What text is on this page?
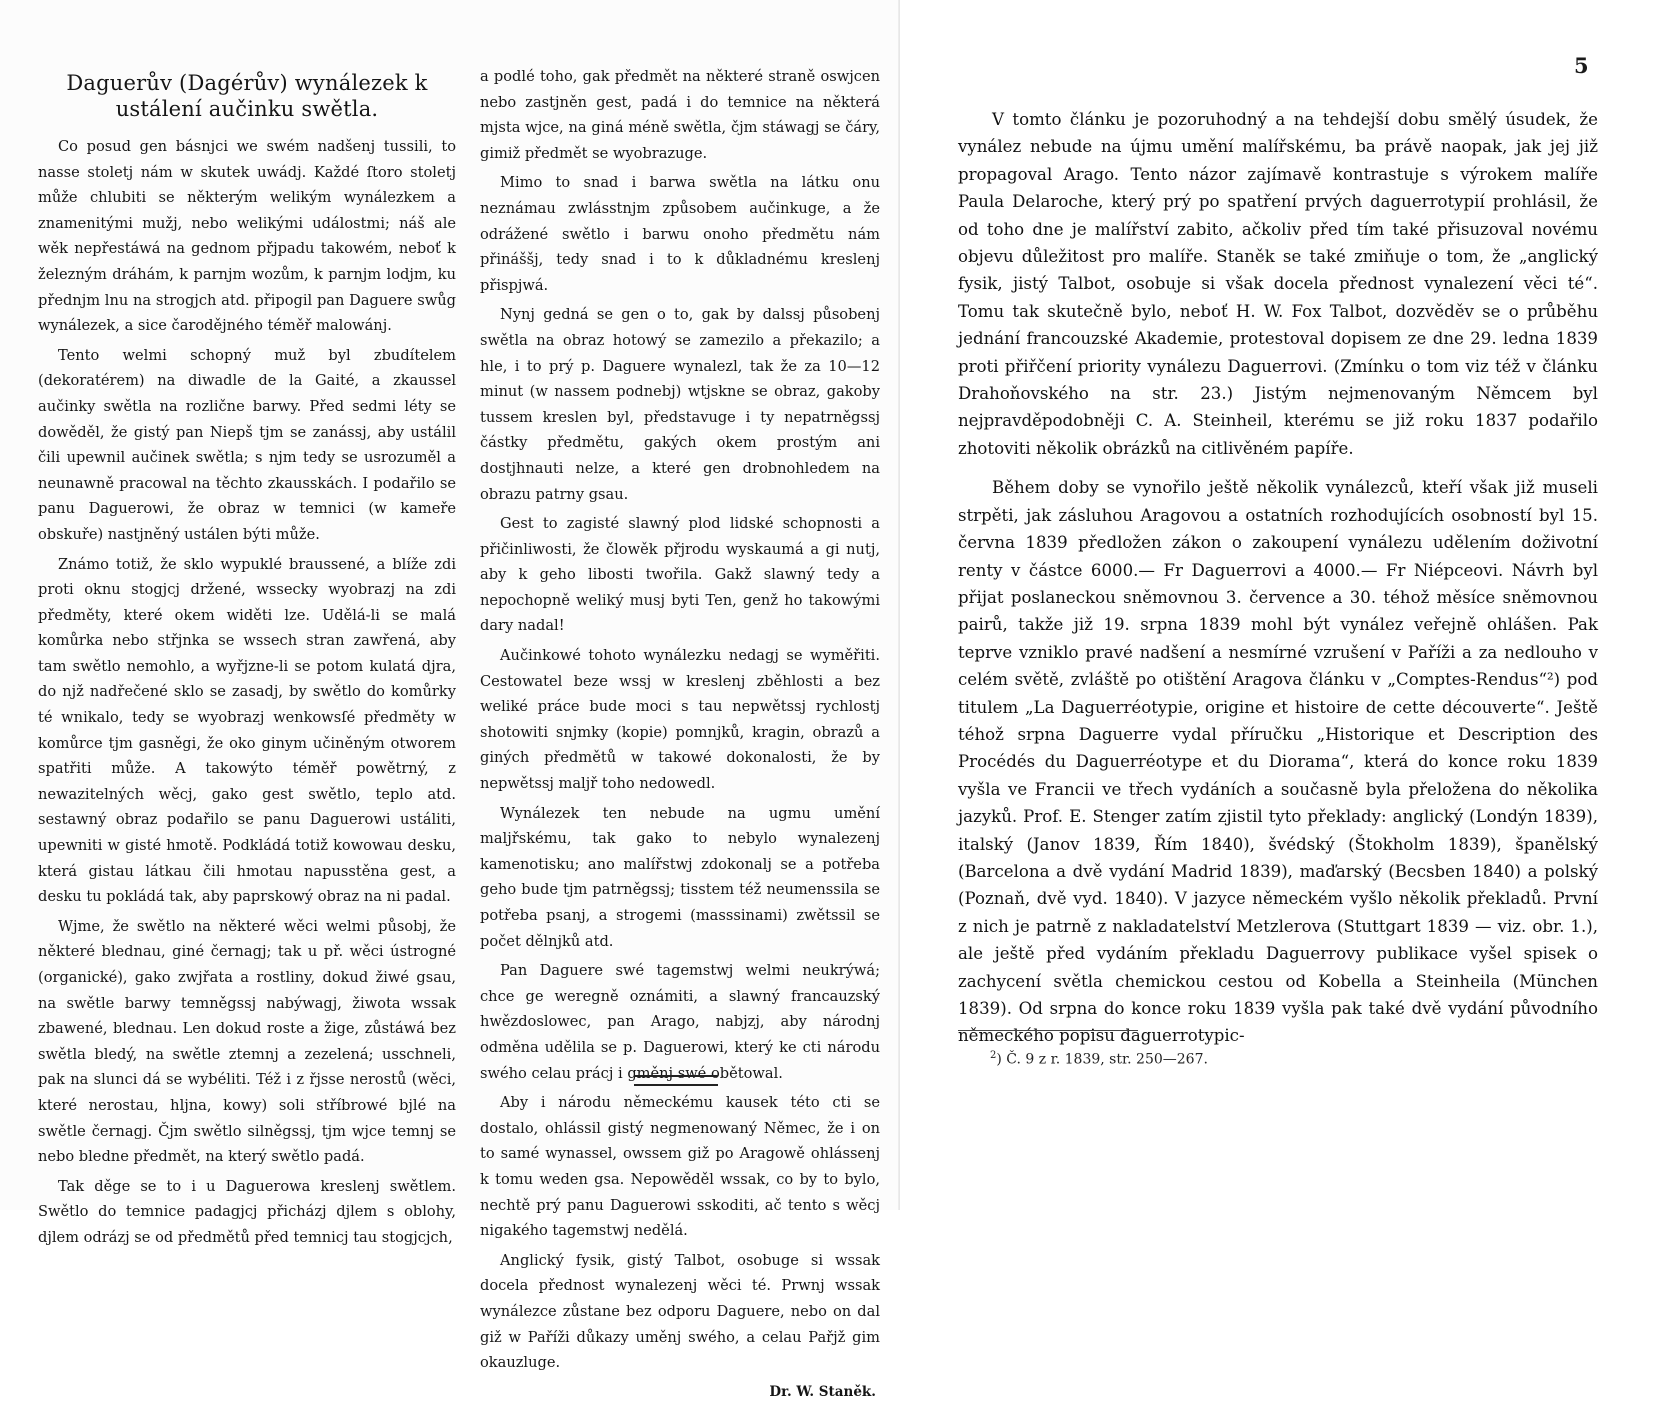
Daguerův (Dagérův) wynálezek k ustálení aučinku swětla.

Co posud gen básnjci we swém nadšenj tussili, to nasse stoletj nám w skutek uwádj. Každé ſtoro stoletj může chlubiti se některým welikým wynálezkem a znamenitými mužj, nebo welikými událostmi; náš ale wěk nepřestáwá na gednom přjpadu takowém, neboť k železným dráhám, k parnjm wozům, k parnjm lodjm, ku přednjm lnu na strogjch atd. připogil pan Daguere swůg wynálezek, a sice čarodějného téměř malowánj.

Tento welmi schopný muž byl zbudítelem (dekoratérem) na diwadle de la Gaité, a zkaussel aučinky swětla na rozlične barwy. Před sedmi léty se dowěděl, že gistý pan Niepš tjm se zanássj, aby ustálil čili upewnil aučinek swětla; s njm tedy se usrozuměl a neunawně pracowal na těchto zkausskách. I podařilo se panu Daguerowi, že obraz w temnici (w kameře obskuře) nastjněný ustálen býti může.

Známo totiž, že sklo wypuklé braussené, a blíže zdi proti oknu stogjcj držené, wssecky wyobrazj na zdi předměty, které okem widěti lze. Udělá-li se malá komůrka nebo střjnka se wssech stran zawřená, aby tam swětlo nemohlo, a wyřjzne-li se potom kulatá djra, do njž nadřečené sklo se zasadj, by swětlo do komůrky té wnikalo, tedy se wyobrazj wenkowsſé předměty w komůrce tjm gasněgi, že oko ginym učiněným otworem spatřiti může. A takowýto téměř powětrný, z newazitelných wěcj, gako gest swětlo, teplo atd. sestawný obraz podařilo se panu Daguerowi ustáliti, upewniti w gisté hmotě. Podkládá totiž kowowau desku, která gistau látkau čili hmotau napusstěna gest, a desku tu pokládá tak, aby paprskowý obraz na ni padal.

Wjme, že swětlo na některé wěci welmi působj, že některé blednau, giné černagj; tak u př. wěci ústrogné (organické), gako zwjřata a rostliny, dokud žiwé gsau, na swětle barwy temněgssj nabýwagj, žiwota wssak zbawené, blednau. Len dokud roste a žige, zůstáwá bez swětla bledý, na swětle ztemnj a zezelená; usschneli, pak na slunci dá se wybéliti. Též i z řjsse nerostů (wěci, které nerostau, hljna, kowy) soli stříbrowé bjlé na swětle černagj. Čjm swětlo silněgssj, tjm wjce temnj se nebo bledne předmět, na který swětlo padá.

Tak děge se to i u Daguerowa kreslenj swětlem. Swětlo do temnice padagjcj přicházj djlem s oblohy, djlem odrázj se od předmětů před temnicj tau stogjcjch,

a podlé toho, gak předmět na některé straně oswjcen nebo zastjněn gest, padá i do temnice na některá mjsta wjce, na giná méně swětla, čjm stáwagj se čáry, gimiž předmět se wyobrazuge.

Mimo to snad i barwa swětla na látku onu neznámau zwlásstnjm způsobem aučinkuge, a že odrážené swětlo i barwu onoho předmětu nám přináššj, tedy snad i to k důkladnému kreslenj přispjwá.

Nynj gedná se gen o to, gak by dalssj působenj swětla na obraz hotowý se zamezilo a překazilo; a hle, i to prý p. Daguere wynalezl, tak že za 10—12 minut (w nassem podnebj) wtjskne se obraz, gakoby tussem kreslen byl, představuge i ty nepatrněgssj částky předmětu, gakých okem prostým ani dostjhnauti nelze, a které gen drobnohledem na obrazu patrny gsau.

Gest to zagisté slawný plod lidské schopnosti a přičinliwosti, že člowěk přjrodu wyskaumá a gi nutj, aby k geho libosti twořila. Gakž slawný tedy a nepochopně weliký musj byti Ten, genž ho takowými dary nadal!

Aučinkowé tohoto wynálezku nedagj se wyměřiti. Cestowatel beze wssj w kreslenj zběhlosti a bez weliké práce bude moci s tau nepwětssj rychlostj shotowiti snjmky (kopie) pomnjků, kragin, obrazů a giných předmětů w takowé dokonalosti, že by nepwětssj maljř toho nedowedl.

Wynálezek ten nebude na ugmu umění maljřskému, tak gako to nebylo wynalezenj kamenotisku; ano malířstwj zdokonalj se a potřeba geho bude tjm patrněgssj; tisstem též neumenssila se potřeba psanj, a strogemi (masssinami) zwětssil se počet dělnjků atd.

Pan Daguere swé tagemstwj welmi neukrýwá; chce ge weregně oznámiti, a slawný francauzský hwězdoslowec, pan Arago, nabjzj, aby národnj odměna udělila se p. Daguerowi, který ke cti národu swého celau prácj i gměnj swé obětowal.

Aby i národu německému kausek této cti se dostalo, ohlássil gistý negmenowaný Němec, že i on to samé wynassel, owssem giž po Aragowě ohlássenj k tomu weden gsa. Nepowěděl wssak, co by to bylo, nechtě prý panu Daguerowi sskoditi, ač tento s wěcj nigakého tagemstwj nedělá.

Anglický fysik, gistý Talbot, osobuge si wssak docela přednost wynalezenj wěci té. Prwnj wssak wynálezce zůstane bez odporu Daguere, nebo on dal giž w Paříži důkazy uměnj swého, a celau Pařjž gim okauzluge.

Dr. W. Staněk.
5

V tomto článku je pozoruhodný a na tehdejší dobu smělý úsudek, že vynález nebude na újmu umění malířskému, ba právě naopak, jak jej již propagoval Arago. Tento názor zajímavě kontrastuje s výrokem malíře Paula Delaroche, který prý po spatření prvých daguerrotypií prohlásil, že od toho dne je malířství zabito, ačkoliv před tím také přisuzoval novému objevu důležitost pro malíře. Staněk se také zmiňuje o tom, že „anglický fysik, jistý Talbot, osobuje si však docela přednost vynalezení věci té“. Tomu tak skutečně bylo, neboť H. W. Fox Talbot, dozvěděv se o průběhu jednání francouzské Akademie, protestoval dopisem ze dne 29. ledna 1839 proti přiřčení priority vynálezu Daguerrovi. (Zmínku o tom viz též v článku Drahoňovského na str. 23.) Jistým nejmenovaným Němcem byl nejpravděpodobněji C. A. Steinheil, kterému se již roku 1837 podařilo zhotoviti několik obrázků na citlivěném papíře.

Během doby se vynořilo ještě několik vynálezců, kteří však již museli strpěti, jak zásluhou Aragovou a ostatních rozhodujících osobností byl 15. června 1839 předložen zákon o zakoupení vynálezu udělením doživotní renty v částce 6000.— Fr Daguerrovi a 4000.— Fr Niépceovi. Návrh byl přijat poslaneckou sněmovnou 3. července a 30. téhož měsíce sněmovnou pairů, takže již 19. srpna 1839 mohl být vynález veřejně ohlášen. Pak teprve vzniklo pravé nadšení a nesmírné vzrušení v Paříži a za nedlouho v celém světě, zvláště po otištění Aragova článku v „Comptes-Rendus“²) pod titulem „La Daguerréotypie, origine et histoire de cette découverte“. Ještě téhož srpna Daguerre vydal příručku „Historique et Description des Procédés du Daguerréotype et du Diorama“, která do konce roku 1839 vyšla ve Francii ve třech vydáních a současně byla přeložena do několika jazyků. Prof. E. Stenger zatím zjistil tyto překlady: anglický (Londýn 1839), italský (Janov 1839, Řím 1840), švédský (Štokholm 1839), španělský (Barcelona a dvě vydání Madrid 1839), maďarský (Becsben 1840) a polský (Poznaň, dvě vyd. 1840). V jazyce německém vyšlo několik překladů. První z nich je patrně z nakladatelství Metzlerova (Stuttgart 1839 — viz. obr. 1.), ale ještě před vydáním překladu Daguerrovy publikace vyšel spisek o zachycení světla chemickou cestou od Kobella a Steinheila (München 1839). Od srpna do konce roku 1839 vyšla pak také dvě vydání původního německého popisu daguerrotypic-

$^2$) Č. 9 z r. 1839, str. 250—267.
